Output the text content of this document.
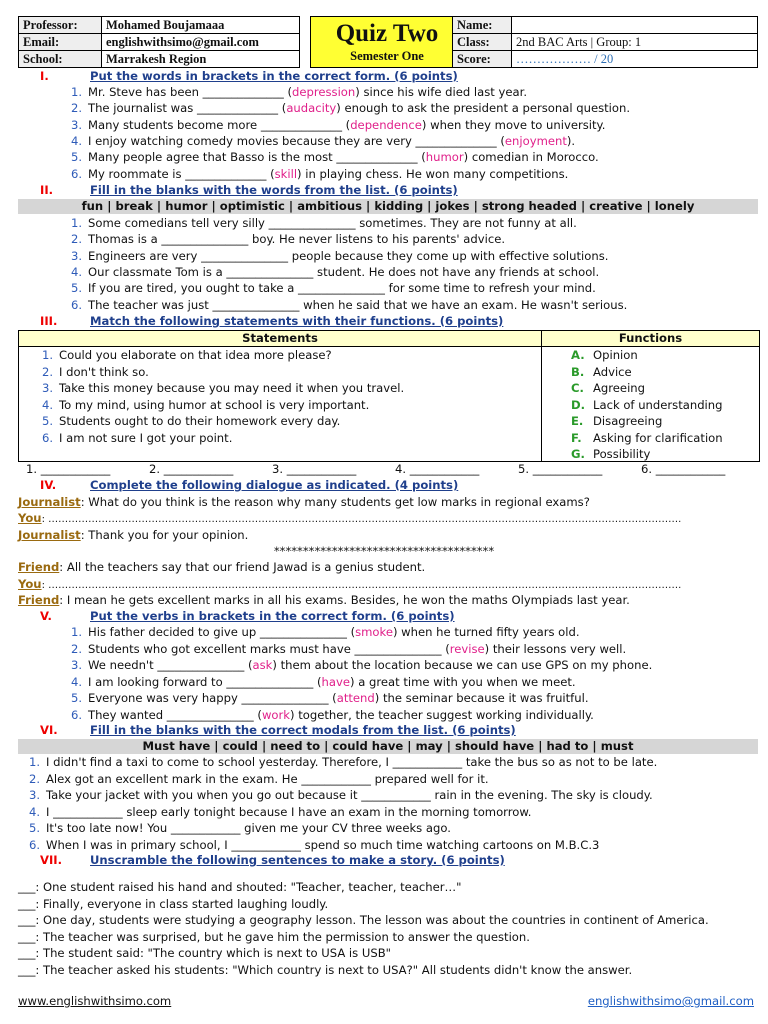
Professor:	Mohamed Boujamaaa
Email:	englishwithsimo@gmail.com
School:	Marrakesh Region
Quiz Two
Semester One
Name:	
Class:	2nd BAC Arts | Group: 1
Score:	……………… / 20
I.	Put the words in brackets in the correct form. (6 points)
1. Mr. Steve has been ______________ (depression) since his wife died last year.
2. The journalist was ______________ (audacity) enough to ask the president a personal question.
3. Many students become more ______________ (dependence) when they move to university.
4. I enjoy watching comedy movies because they are very ______________ (enjoyment).
5. Many people agree that Basso is the most ______________ (humor) comedian in Morocco.
6. My roommate is ______________ (skill) in playing chess. He won many competitions.
II.	Fill in the blanks with the words from the list. (6 points)
fun | break | humor | optimistic | ambitious | kidding | jokes | strong headed | creative | lonely
1. Some comedians tell very silly _______________ sometimes. They are not funny at all.
2. Thomas is a _______________ boy. He never listens to his parents' advice.
3. Engineers are very _______________ people because they come up with effective solutions.
4. Our classmate Tom is a _______________ student. He does not have any friends at school.
5. If you are tired, you ought to take a _______________ for some time to refresh your mind.
6. The teacher was just _______________ when he said that we have an exam. He wasn't serious.
III.	Match the following statements with their functions. (6 points)
Statements	Functions
1. Could you elaborate on that idea more please?
2. I don't think so.
3. Take this money because you may need it when you travel.
4. To my mind, using humor at school is very important.
5. Students ought to do their homework every day.
6. I am not sure I got your point.
A. Opinion
B. Advice
C. Agreeing
D. Lack of understanding
E. Disagreeing
F. Asking for clarification
G. Possibility
1. ____________	2. ____________	3. ____________	4. ____________	5. ____________	6. ____________
IV.	Complete the following dialogue as indicated. (4 points)
Journalist: What do you think is the reason why many students get low marks in regional exams?
You: ……………………………………………………………………………………………………………………………………………………………………….
Journalist: Thank you for your opinion.
**************************************
Friend: All the teachers say that our friend Jawad is a genius student.
You: ……………………………………………………………………………………………………………………………………………………………………….
Friend: I mean he gets excellent marks in all his exams. Besides, he won the maths Olympiads last year.
V.	Put the verbs in brackets in the correct form. (6 points)
1. His father decided to give up _______________ (smoke) when he turned fifty years old.
2. Students who got excellent marks must have _______________ (revise) their lessons very well.
3. We needn't _______________ (ask) them about the location because we can use GPS on my phone.
4. I am looking forward to _______________ (have) a great time with you when we meet.
5. Everyone was very happy _______________ (attend) the seminar because it was fruitful.
6. They wanted _______________ (work) together, the teacher suggest working individually.
VI.	Fill in the blanks with the correct modals from the list. (6 points)
Must have | could | need to | could have | may | should have | had to | must
1. I didn't find a taxi to come to school yesterday. Therefore, I ____________ take the bus so as not to be late.
2. Alex got an excellent mark in the exam. He ____________ prepared well for it.
3. Take your jacket with you when you go out because it ____________ rain in the evening. The sky is cloudy.
4. I ____________ sleep early tonight because I have an exam in the morning tomorrow.
5. It's too late now! You ____________ given me your CV three weeks ago.
6. When I was in primary school, I ____________ spend so much time watching cartoons on M.B.C.3
VII. Unscramble the following sentences to make a story. (6 points)
___: One student raised his hand and shouted: "Teacher, teacher, teacher…"
___: Finally, everyone in class started laughing loudly.
___: One day, students were studying a geography lesson. The lesson was about the countries in continent of America.
___: The teacher was surprised, but he gave him the permission to answer the question.
___: The student said: "The country which is next to USA is USB"
___: The teacher asked his students: "Which country is next to USA?" All students didn't know the answer.
www.englishwithsimo.com	englishwithsimo@gmail.com
